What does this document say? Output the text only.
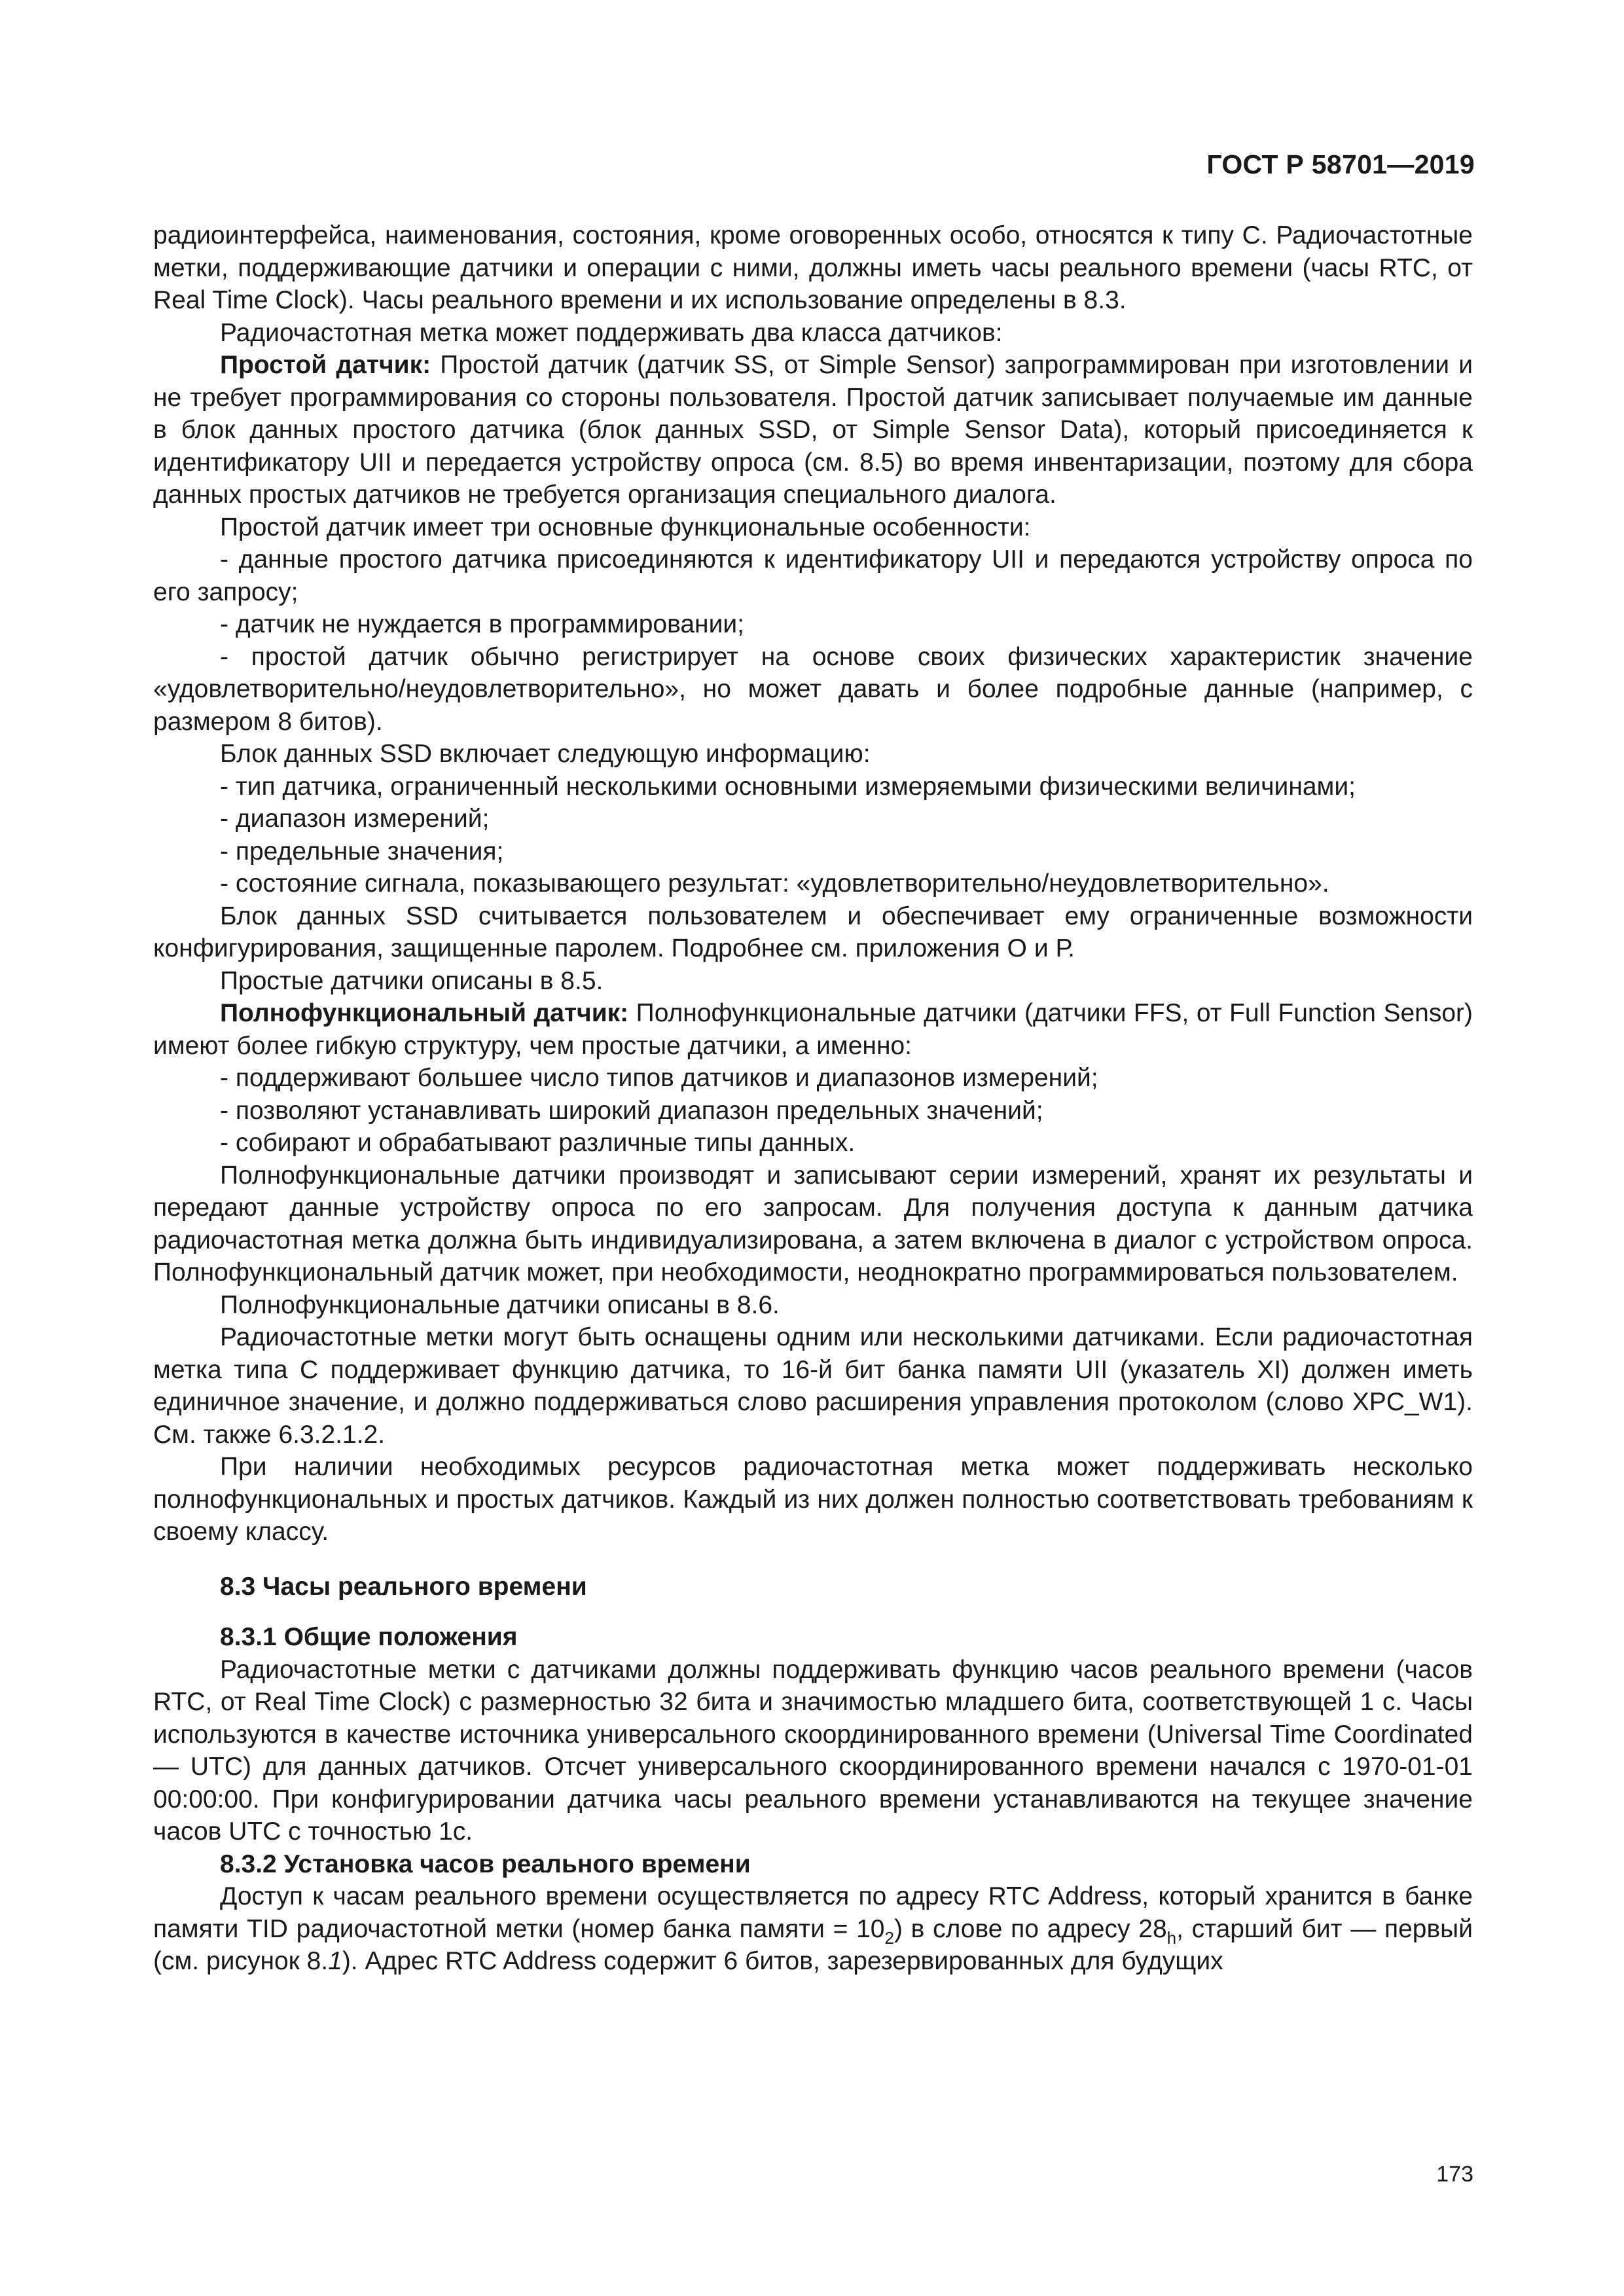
ГОСТ Р 58701—2019

радиоинтерфейса, наименования, состояния, кроме оговоренных особо, относятся к типу С. Радиочастотные метки, поддерживающие датчики и операции с ними, должны иметь часы реального времени (часы RTC, от Real Time Clock). Часы реального времени и их использование определены в 8.3.

Радиочастотная метка может поддерживать два класса датчиков:

Простой датчик: Простой датчик (датчик SS, от Simple Sensor) запрограммирован при изготовлении и не требует программирования со стороны пользователя. Простой датчик записывает получаемые им данные в блок данных простого датчика (блок данных SSD, от Simple Sensor Data), который присоединяется к идентификатору UII и передается устройству опроса (см. 8.5) во время инвентаризации, поэтому для сбора данных простых датчиков не требуется организация специального диалога.

Простой датчик имеет три основные функциональные особенности:

- данные простого датчика присоединяются к идентификатору UII и передаются устройству опроса по его запросу;

- датчик не нуждается в программировании;

- простой датчик обычно регистрирует на основе своих физических характеристик значение «удовлетворительно/неудовлетворительно», но может давать и более подробные данные (например, с размером 8 битов).

Блок данных SSD включает следующую информацию:

- тип датчика, ограниченный несколькими основными измеряемыми физическими величинами;

- диапазон измерений;

- предельные значения;

- состояние сигнала, показывающего результат: «удовлетворительно/неудовлетворительно».

Блок данных SSD считывается пользователем и обеспечивает ему ограниченные возможности конфигурирования, защищенные паролем. Подробнее см. приложения О и Р.

Простые датчики описаны в 8.5.

Полнофункциональный датчик: Полнофункциональные датчики (датчики FFS, от Full Function Sensor) имеют более гибкую структуру, чем простые датчики, а именно:

- поддерживают большее число типов датчиков и диапазонов измерений;

- позволяют устанавливать широкий диапазон предельных значений;

- собирают и обрабатывают различные типы данных.

Полнофункциональные датчики производят и записывают серии измерений, хранят их результаты и передают данные устройству опроса по его запросам. Для получения доступа к данным датчика радиочастотная метка должна быть индивидуализирована, а затем включена в диалог с устройством опроса. Полнофункциональный датчик может, при необходимости, неоднократно программироваться пользователем.

Полнофункциональные датчики описаны в 8.6.

Радиочастотные метки могут быть оснащены одним или несколькими датчиками. Если радиочастотная метка типа С поддерживает функцию датчика, то 16-й бит банка памяти UII (указатель XI) должен иметь единичное значение, и должно поддерживаться слово расширения управления протоколом (слово XPC_W1). См. также 6.3.2.1.2.

При наличии необходимых ресурсов радиочастотная метка может поддерживать несколько полнофункциональных и простых датчиков. Каждый из них должен полностью соответствовать требованиям к своему классу.

8.3 Часы реального времени

8.3.1 Общие положения

Радиочастотные метки с датчиками должны поддерживать функцию часов реального времени (часов RTC, от Real Time Clock) с размерностью 32 бита и значимостью младшего бита, соответствующей 1 с. Часы используются в качестве источника универсального скоординированного времени (Universal Time Coordinated — UTC) для данных датчиков. Отсчет универсального скоординированного времени начался с 1970-01-01 00:00:00. При конфигурировании датчика часы реального времени устанавливаются на текущее значение часов UTC с точностью 1с.

8.3.2 Установка часов реального времени

Доступ к часам реального времени осуществляется по адресу RTC Address, который хранится в банке памяти TID радиочастотной метки (номер банка памяти = $10_2$) в слове по адресу $28_h$, старший бит — первый (см. рисунок 8.1). Адрес RTC Address содержит 6 битов, зарезервированных для будущих

173
